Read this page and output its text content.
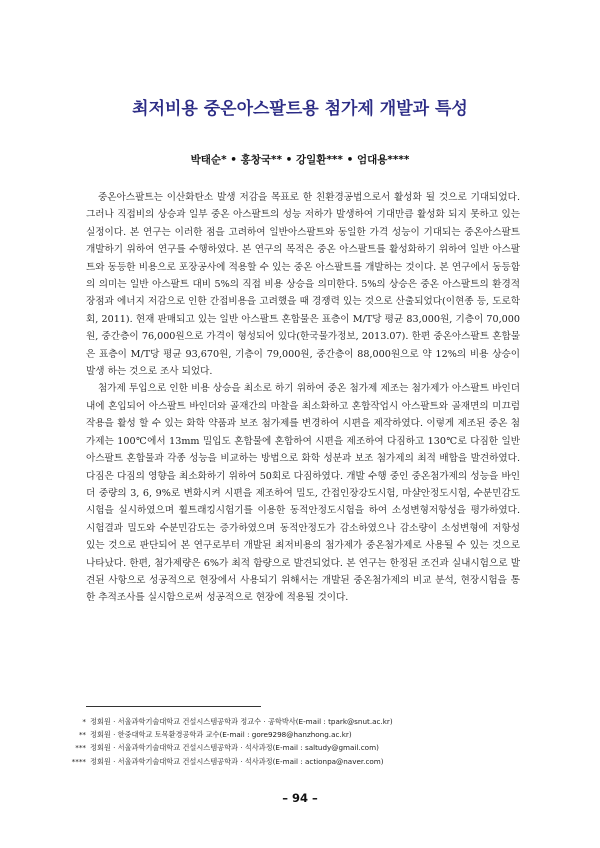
최저비용 중온아스팔트용 첨가제 개발과 특성
박태순* • 홍창국** • 강일환*** • 엄대용****

중온아스팔트는 이산화탄소 발생 저감을 목표로 한 친환경공법으로서 활성화 될 것으로 기대되었다. 그러나 직접비의 상승과 일부 중온 아스팔트의 성능 저하가 발생하여 기대만큼 활성화 되지 못하고 있는 실정이다. 본 연구는 이러한 점을 고려하여 일반아스팔트와 동일한 가격 성능이 기대되는 중온아스팔트 개발하기 위하여 연구를 수행하였다. 본 연구의 목적은 중온 아스팔트를 활성화하기 위하여 일반 아스팔트와 동등한 비용으로 포장공사에 적용할 수 있는 중온 아스팔트를 개발하는 것이다. 본 연구에서 동등함의 의미는 일반 아스팔트 대비 5%의 직접 비용 상승을 의미한다. 5%의 상승은 중온 아스팔트의 환경적 장점과 에너지 저감으로 인한 간접비용을 고려했을 때 경쟁력 있는 것으로 산출되었다(이현종 등, 도로학회, 2011). 현재 판매되고 있는 일반 아스팔트 혼합물은 표층이 M/T당 평균 83,000원, 기층이 70,000원, 중간층이 76,000원으로 가격이 형성되어 있다(한국물가정보, 2013.07). 한편 중온아스팔트 혼합물은 표층이 M/T당 평균 93,670원, 기층이 79,000원, 중간층이 88,000원으로 약 12%의 비용 상승이 발생 하는 것으로 조사 되었다.

첨가제 투입으로 인한 비용 상승을 최소로 하기 위하여 중온 첨가제 제조는 첨가제가 아스팔트 바인더 내에 혼입되어 아스팔트 바인더와 골재간의 마찰을 최소화하고 혼합작업시 아스팔트와 골재면의 미끄럼 작용을 활성 할 수 있는 화학 약품과 보조 첨가제를 변경하여 시편을 제작하였다. 이렇게 제조된 중온 첨가제는 100℃에서 13mm 밀입도 혼합물에 혼합하여 시편을 제조하여 다짐하고 130℃로 다짐한 일반아스팔트 혼합물과 각종 성능을 비교하는 방법으로 화학 성분과 보조 첨가제의 최적 배합을 발견하였다. 다짐은 다짐의 영향을 최소화하기 위하여 50회로 다짐하였다. 개발 수행 중인 중온첨가제의 성능을 바인더 중량의 3, 6, 9%로 변화시켜 시편을 제조하여 밀도, 간접인장강도시험, 마샬안정도시험, 수분민감도시험을 실시하였으며 휠트래킹시험기를 이용한 동적안정도시험을 하여 소성변형저항성을 평가하였다. 시험결과 밀도와 수분민감도는 증가하였으며 동적안정도가 감소하였으나 감소량이 소성변형에 저항성 있는 것으로 판단되어 본 연구로부터 개발된 최저비용의 첨가제가 중온첨가제로 사용될 수 있는 것으로 나타났다. 한편, 첨가제량은 6%가 최적 함량으로 발견되었다. 본 연구는 한정된 조건과 실내시험으로 발견된 사항으로 성공적으로 현장에서 사용되기 위해서는 개발된 중온첨가제의 비교 분석, 현장시험을 통한 추적조사를 실시함으로써 성공적으로 현장에 적용될 것이다.

* 정회원 · 서울과학기술대학교 건설시스템공학과 정교수 · 공학박사(E-mail : tpark@snut.ac.kr)
** 정회원 · 한중대학교 토목환경공학과 교수(E-mail : gore9298@hanzhong.ac.kr)
*** 정회원 · 서울과학기술대학교 건설시스템공학과 · 석사과정(E-mail : saltudy@gmail.com)
**** 정회원 · 서울과학기술대학교 건설시스템공학과 · 석사과정(E-mail : actionpa@naver.com)
– 94 –
